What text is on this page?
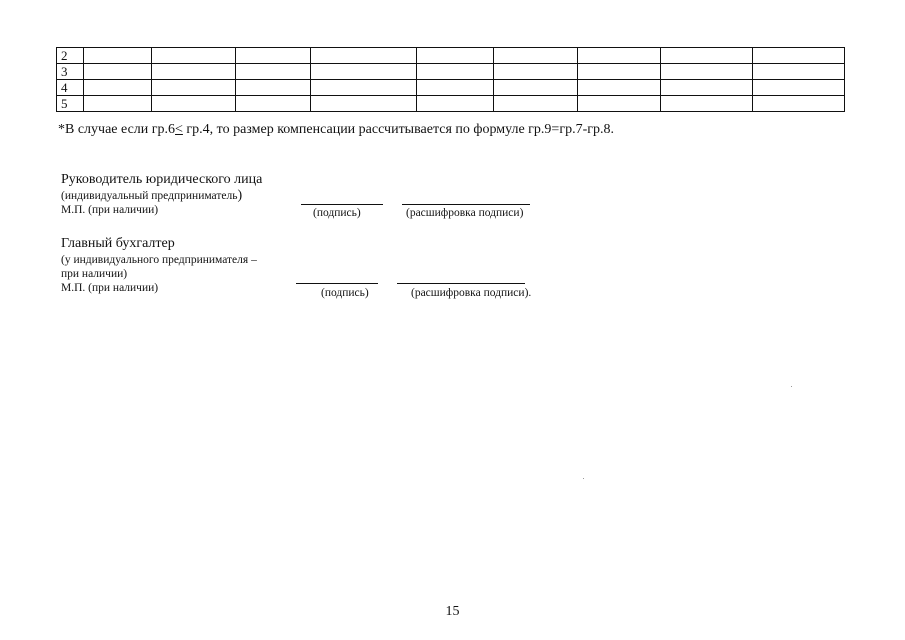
2									
3									
4									
5									
*В случае если гр.6< гр.4, то размер компенсации рассчитывается по формуле гр.9=гр.7-гр.8.
Руководитель юридического лица
(индивидуальный предприниматель)
М.П. (при наличии)	(подпись)	(расшифровка подписи)
Главный бухгалтер
(у индивидуального предпринимателя –
при наличии)
М.П. (при наличии)	(подпись)	(расшифровка подписи).
15
